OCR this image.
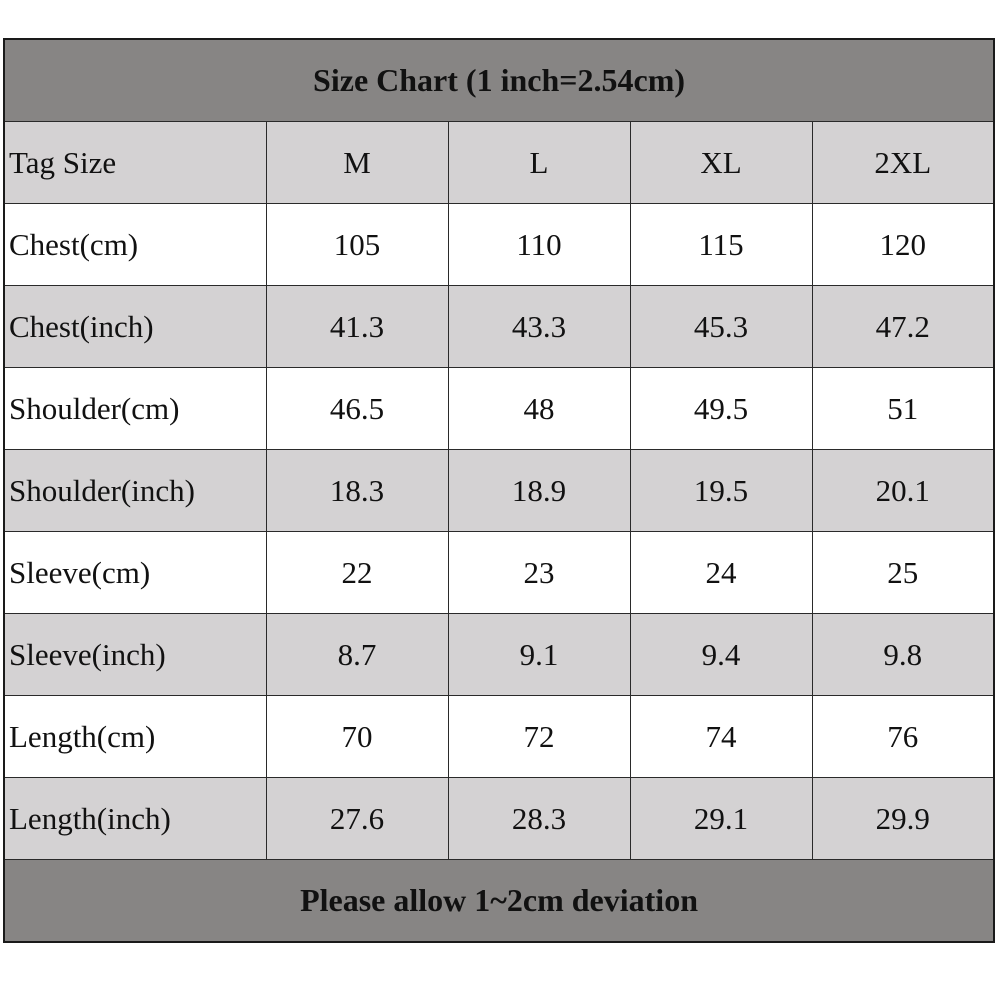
Size Chart (1 inch=2.54cm)				
Tag Size	M	L	XL	2XL
Chest(cm)	105	110	115	120
Chest(inch)	41.3	43.3	45.3	47.2
Shoulder(cm)	46.5	48	49.5	51
Shoulder(inch)	18.3	18.9	19.5	20.1
Sleeve(cm)	22	23	24	25
Sleeve(inch)	8.7	9.1	9.4	9.8
Length(cm)	70	72	74	76
Length(inch)	27.6	28.3	29.1	29.9
Please allow 1~2cm deviation				
